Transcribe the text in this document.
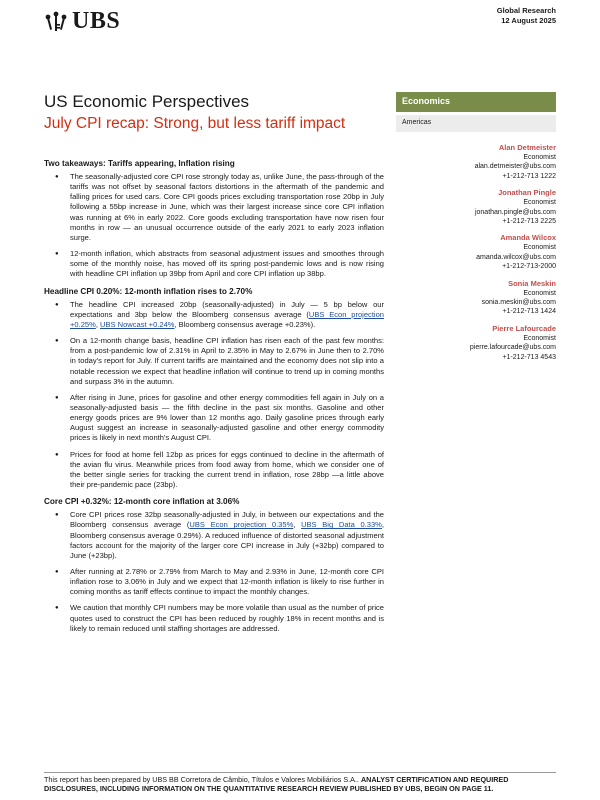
UBS	Global Research
12 August 2025
US Economic Perspectives
July CPI recap: Strong, but less tariff impact
Two takeaways: Tariffs appearing, Inflation rising
● The seasonally-adjusted core CPI rose strongly today as, unlike June, the pass-through of the tariffs was not offset by seasonal factors distortions in the aftermath of the pandemic and falling prices for used cars. Core CPI goods prices excluding transportation rose 20bp in July following a 55bp increase in June, which was their largest increase since core CPI inflation was running at 6% in early 2022. Core goods excluding transportation have now risen four months in row — an unusual occurrence outside of the early 2021 to early 2023 inflation surge.
● 12-month inflation, which abstracts from seasonal adjustment issues and smoothes through some of the monthly noise, has moved off its spring post-pandemic lows and is now rising with headline CPI inflation up 39bp from April and core CPI inflation up 38bp.
Headline CPI 0.20%: 12-month inflation rises to 2.70%
● The headline CPI increased 20bp (seasonally-adjusted) in July — 5 bp below our expectations and 3bp below the Bloomberg consensus average (UBS Econ projection +0.25%, UBS Nowcast +0.24%, Bloomberg consensus average +0.23%).
● On a 12-month change basis, headline CPI inflation has risen each of the past few months: from a post-pandemic low of 2.31% in April to 2.35% in May to 2.67% in June then to 2.70% in today's report for July. If current tariffs are maintained and the economy does not slip into a notable recession we expect that headline inflation will continue to trend up in coming months and surpass 3% in the autumn.
● After rising in June, prices for gasoline and other energy commodities fell again in July on a seasonally-adjusted basis — the fifth decline in the past six months. Gasoline and other energy goods prices are 9% lower than 12 months ago. Daily gasoline prices through early August suggest an increase in seasonally-adjusted gasoline and other energy commodity prices is likely in next month's August CPI.
● Prices for food at home fell 12bp as prices for eggs continued to decline in the aftermath of the avian flu virus. Meanwhile prices from food away from home, which we consider one of the better single series for tracking the current trend in inflation, rose 28bp —a little above their pre-pandemic pace (23bp).
Core CPI +0.32%: 12-month core inflation at 3.06%
● Core CPI prices rose 32bp seasonally-adjusted in July, in between our expectations and the Bloomberg consensus average (UBS Econ projection 0.35%, UBS Big Data 0.33%, Bloomberg consensus average 0.29%). A reduced influence of distorted seasonal adjustment factors account for the majority of the larger core CPI increase in July (+32bp) compared to June (+23bp).
● After running at 2.78% or 2.79% from March to May and 2.93% in June, 12-month core CPI inflation rose to 3.06% in July and we expect that 12-month inflation is likely to rise further in coming months as tariff effects continue to impact the monthly changes.
● We caution that monthly CPI numbers may be more volatile than usual as the number of price quotes used to construct the CPI has been reduced by roughly 18% in recent months and is likely to remain reduced until staffing shortages are addressed.
Economics
Americas
Alan Detmeister
Economist
alan.detmeister@ubs.com
+1-212-713 1222
Jonathan Pingle
Economist
jonathan.pingle@ubs.com
+1-212-713 2225
Amanda Wilcox
Economist
amanda.wilcox@ubs.com
+1-212-713-2000
Sonia Meskin
Economist
sonia.meskin@ubs.com
+1-212-713 1424
Pierre Lafourcade
Economist
pierre.lafourcade@ubs.com
+1-212-713 4543
This report has been prepared by UBS BB Corretora de Câmbio, Títulos e Valores Mobiliários S.A.. ANALYST CERTIFICATION AND REQUIRED DISCLOSURES, INCLUDING INFORMATION ON THE QUANTITATIVE RESEARCH REVIEW PUBLISHED BY UBS, BEGIN ON PAGE 11.
